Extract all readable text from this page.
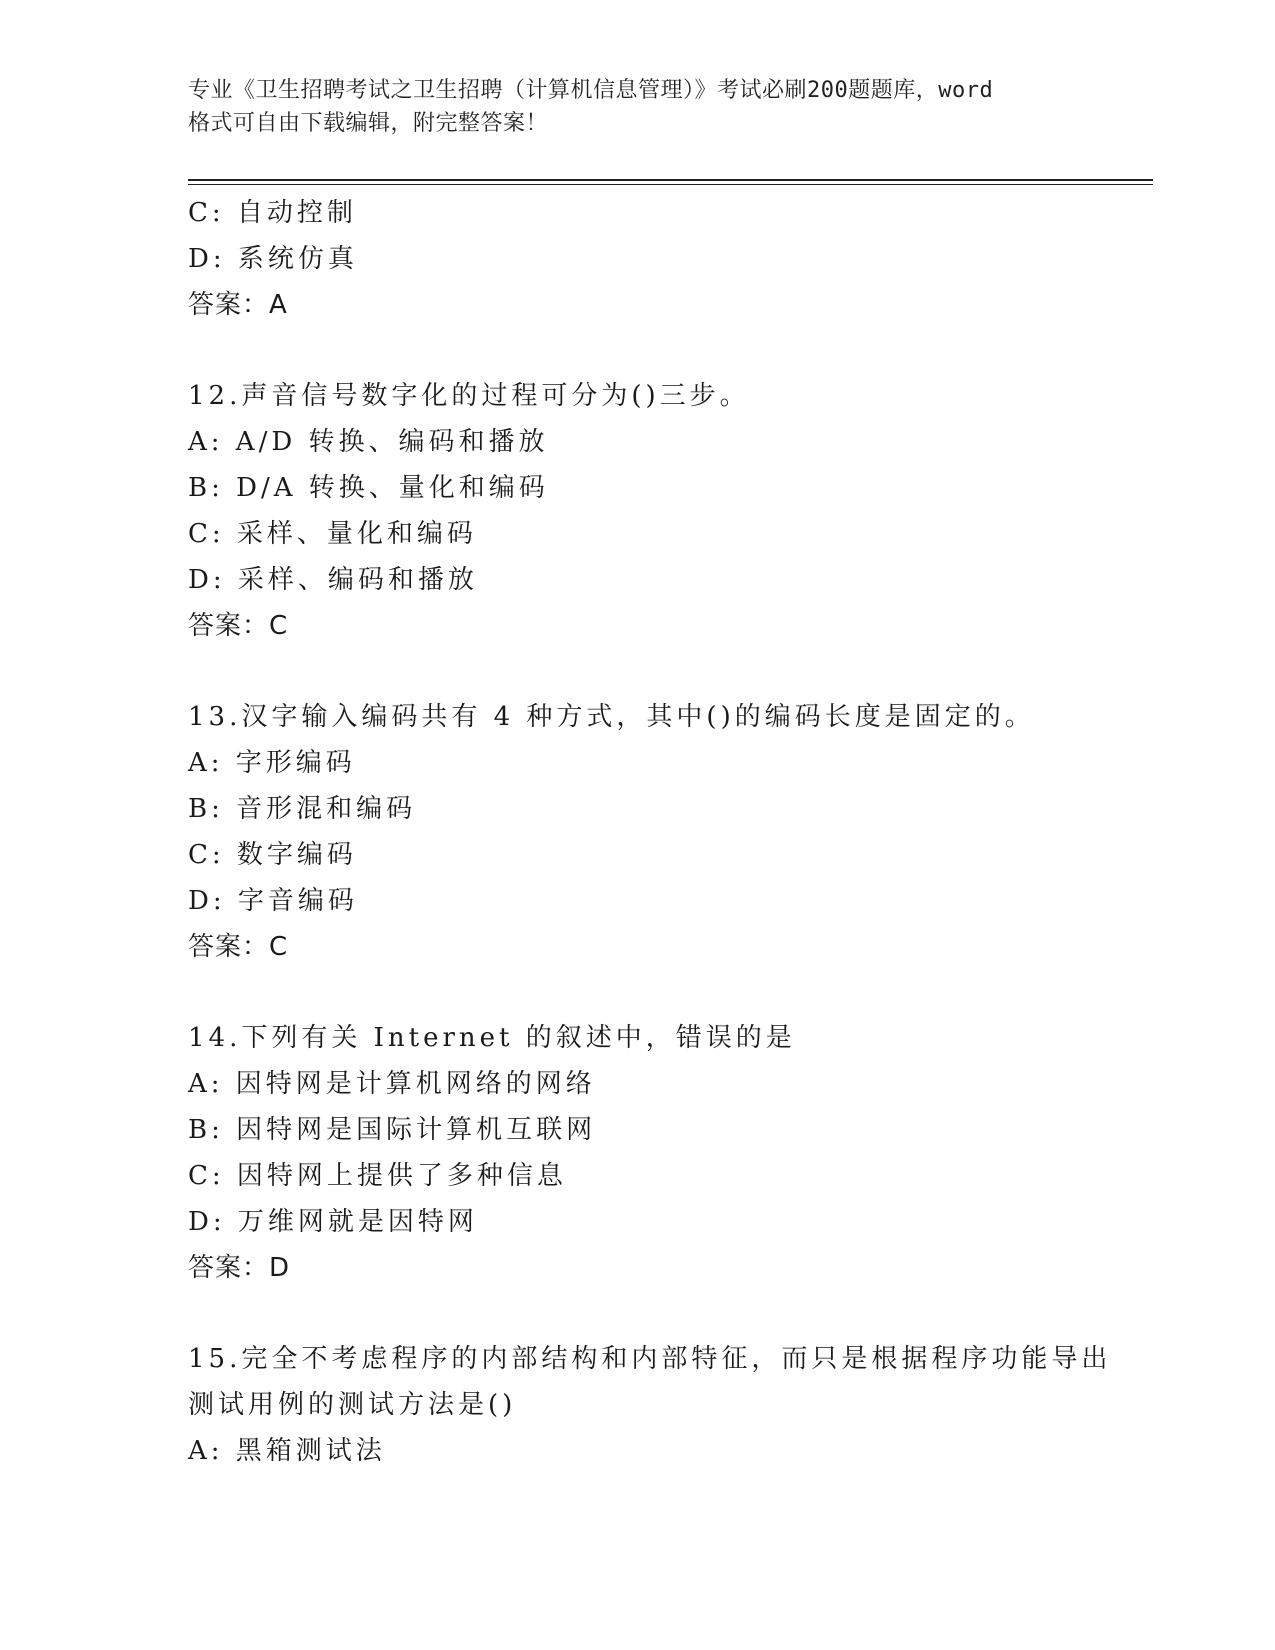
专业《卫生招聘考试之卫生招聘（计算机信息管理）》考试必刷200题题库，word
格式可自由下载编辑，附完整答案！
C: 自动控制
D: 系统仿真
答案：A
12.声音信号数字化的过程可分为()三步。
A: A/D 转换、编码和播放
B: D/A 转换、量化和编码
C: 采样、量化和编码
D: 采样、编码和播放
答案：C
13.汉字输入编码共有 4 种方式，其中()的编码长度是固定的。
A: 字形编码
B: 音形混和编码
C: 数字编码
D: 字音编码
答案：C
14.下列有关 Internet 的叙述中，错误的是
A: 因特网是计算机网络的网络
B: 因特网是国际计算机互联网
C: 因特网上提供了多种信息
D: 万维网就是因特网
答案：D
15.完全不考虑程序的内部结构和内部特征，而只是根据程序功能导出
测试用例的测试方法是()
A: 黑箱测试法
